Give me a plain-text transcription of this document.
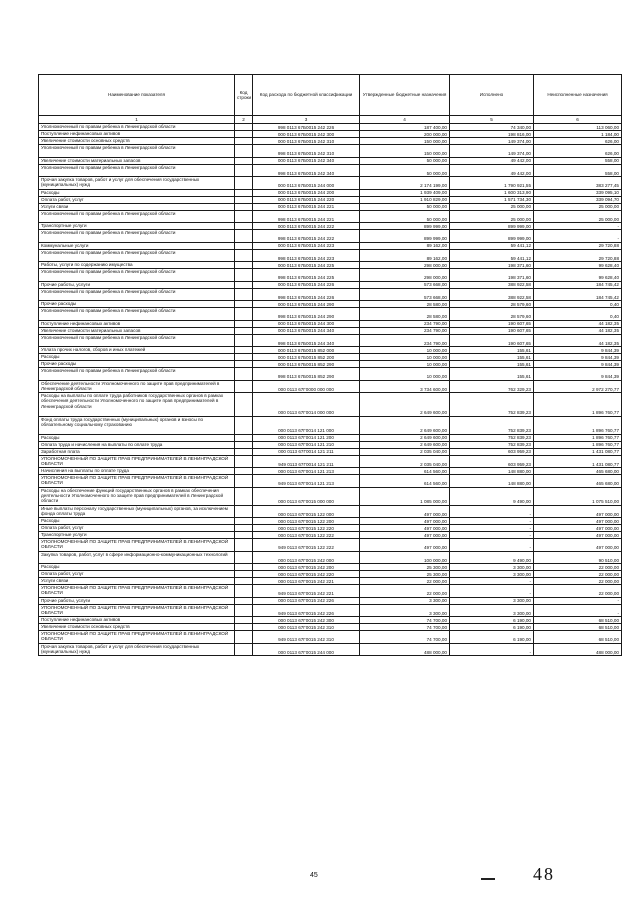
Наименование показателя	Код строки	Код расхода по бюджетной классификации	Утвержденные бюджетные назначения	Исполнено	Неисполненные назначения
1	2	3	4	5	6
Уполномоченный по правам ребенка в Ленинградской области		998 0113 67Б0015 242 226	187 400,00	74 340,00	113 060,00
Поступление нефинансовых активов		000 0113 67Б0015 242 300	200 000,00	198 816,00	1 184,00
Увеличение стоимости основных средств		000 0113 67Б0015 242 310	150 000,00	149 374,00	626,00
Уполномоченный по правам ребенка в Ленинградской области		998 0113 67Б0015 242 310	150 000,00	149 374,00	626,00
Увеличение стоимости материальных запасов		000 0113 67Б0015 242 340	50 000,00	49 442,00	558,00
Уполномоченный по правам ребенка в Ленинградской области		998 0113 67Б0015 242 340	50 000,00	49 442,00	558,00
Прочая закупка товаров, работ и услуг для обеспечения государственных (муниципальных) нужд		000 0113 67Б0015 244 000	2 174 199,00	1 790 921,55	383 277,45
Расходы		000 0113 67Б0015 244 200	1 939 409,00	1 600 313,90	339 095,10
Оплата работ, услуг		000 0113 67Б0015 244 220	1 910 829,00	1 571 734,30	339 094,70
Услуги связи		000 0113 67Б0015 244 221	50 000,00	25 000,00	25 000,00
Уполномоченный по правам ребенка в Ленинградской области		998 0113 67Б0015 244 221	50 000,00	25 000,00	25 000,00
Транспортные услуги		000 0113 67Б0015 244 222	899 999,00	899 999,00	-
Уполномоченный по правам ребенка в Ленинградской области		998 0113 67Б0015 244 222	899 999,00	899 999,00	-
Коммунальные услуги		000 0113 67Б0015 244 223	89 162,00	59 441,12	29 720,88
Уполномоченный по правам ребенка в Ленинградской области		998 0113 67Б0015 244 223	89 162,00	59 441,12	29 720,88
Работы, услуги по содержанию имущества		000 0113 67Б0015 244 225	298 000,00	198 371,60	99 628,40
Уполномоченный по правам ребенка в Ленинградской области		998 0113 67Б0015 244 225	298 000,00	198 371,60	99 628,40
Прочие работы, услуги		000 0113 67Б0015 244 226	573 668,00	388 922,58	184 745,42
Уполномоченный по правам ребенка в Ленинградской области		998 0113 67Б0015 244 226	573 668,00	388 922,58	184 745,42
Прочие расходы		000 0113 67Б0015 244 290	28 580,00	28 579,60	0,40
Уполномоченный по правам ребенка в Ленинградской области		998 0113 67Б0015 244 290	28 580,00	28 579,60	0,40
Поступление нефинансовых активов		000 0113 67Б0015 244 300	234 790,00	190 607,65	44 182,35
Увеличение стоимости материальных запасов		000 0113 67Б0015 244 340	234 790,00	190 607,65	44 182,35
Уполномоченный по правам ребенка в Ленинградской области		998 0113 67Б0015 244 340	234 790,00	190 607,65	44 182,35
Уплата прочих налогов, сборов и иных платежей		000 0113 67Б0015 852 000	10 000,00	155,61	9 844,39
Расходы		000 0113 67Б0015 852 200	10 000,00	155,61	9 844,39
Прочие расходы		000 0113 67Б0015 852 290	10 000,00	155,61	9 844,39
Уполномоченный по правам ребенка в Ленинградской области		998 0113 67Б0015 852 290	10 000,00	155,61	9 844,39
Обеспечение деятельности Уполномоченного по защите прав предпринимателей в Ленинградской области		000 0113 67Г0000 000 000	3 734 600,00	762 329,23	2 972 270,77
Расходы на выплаты по оплате труда работников государственных органов в рамках обеспечения деятельности Уполномоченного по защите прав предпринимателей в Ленинградской области		000 0113 67Г0014 000 000	2 649 600,00	752 839,23	1 896 760,77
Фонд оплаты труда государственных (муниципальных) органов и взносы по обязательному социальному страхованию		000 0113 67Г0014 121 000	2 649 600,00	752 839,23	1 896 760,77
Расходы		000 0113 67Г0014 121 200	2 649 600,00	752 839,23	1 896 760,77
Оплата труда и начисления на выплаты по оплате труда		000 0113 67Г0014 121 210	2 649 600,00	752 839,23	1 896 760,77
Заработная плата		000 0113 67Г0014 121 211	2 035 040,00	603 959,23	1 431 080,77
УПОЛНОМОЧЕННЫЙ ПО ЗАЩИТЕ ПРАВ ПРЕДПРИНИМАТЕЛЕЙ В ЛЕНИНГРАДСКОЙ ОБЛАСТИ		949 0113 67Г0014 121 211	2 035 040,00	603 959,23	1 431 080,77
Начисления на выплаты по оплате труда		000 0113 67Г0014 121 213	614 560,00	148 880,00	465 680,00
УПОЛНОМОЧЕННЫЙ ПО ЗАЩИТЕ ПРАВ ПРЕДПРИНИМАТЕЛЕЙ В ЛЕНИНГРАДСКОЙ ОБЛАСТИ		949 0113 67Г0014 121 213	614 560,00	148 880,00	465 680,00
Расходы на обеспечение функций государственных органов в рамках обеспечения деятельности Уполномоченного по защите прав предпринимателей в Ленинградской области		000 0113 67Г0015 000 000	1 085 000,00	9 490,00	1 075 510,00
Иные выплаты персоналу государственных (муниципальных) органов, за исключением фонда оплаты труда		000 0113 67Г0015 122 000	497 000,00	-	497 000,00
Расходы		000 0113 67Г0015 122 200	497 000,00	-	497 000,00
Оплата работ, услуг		000 0113 67Г0015 122 220	497 000,00	-	497 000,00
Транспортные услуги		000 0113 67Г0015 122 222	497 000,00	-	497 000,00
УПОЛНОМОЧЕННЫЙ ПО ЗАЩИТЕ ПРАВ ПРЕДПРИНИМАТЕЛЕЙ В ЛЕНИНГРАДСКОЙ ОБЛАСТИ		949 0113 67Г0015 122 222	497 000,00	-	497 000,00
Закупка товаров, работ, услуг в сфере информационно-коммуникационных технологий		000 0113 67Г0015 242 000	100 000,00	9 490,00	90 510,00
Расходы		000 0113 67Г0015 242 200	25 300,00	3 300,00	22 000,00
Оплата работ, услуг		000 0113 67Г0015 242 220	25 300,00	3 300,00	22 000,00
Услуги связи		000 0113 67Г0015 242 221	22 000,00	-	22 000,00
УПОЛНОМОЧЕННЫЙ ПО ЗАЩИТЕ ПРАВ ПРЕДПРИНИМАТЕЛЕЙ В ЛЕНИНГРАДСКОЙ ОБЛАСТИ		949 0113 67Г0015 242 221	22 000,00	-	22 000,00
Прочие работы, услуги		000 0113 67Г0015 242 226	3 300,00	3 300,00	-
УПОЛНОМОЧЕННЫЙ ПО ЗАЩИТЕ ПРАВ ПРЕДПРИНИМАТЕЛЕЙ В ЛЕНИНГРАДСКОЙ ОБЛАСТИ		949 0113 67Г0015 242 226	3 300,00	3 300,00	-
Поступление нефинансовых активов		000 0113 67Г0015 242 300	74 700,00	6 190,00	68 510,00
Увеличение стоимости основных средств		000 0113 67Г0015 242 310	74 700,00	6 190,00	68 510,00
УПОЛНОМОЧЕННЫЙ ПО ЗАЩИТЕ ПРАВ ПРЕДПРИНИМАТЕЛЕЙ В ЛЕНИНГРАДСКОЙ ОБЛАСТИ		949 0113 67Г0015 242 310	74 700,00	6 190,00	68 510,00
Прочая закупка товаров, работ и услуг для обеспечения государственных (муниципальных) нужд		000 0113 67Г0015 244 000	488 000,00	-	488 000,00
45	48
